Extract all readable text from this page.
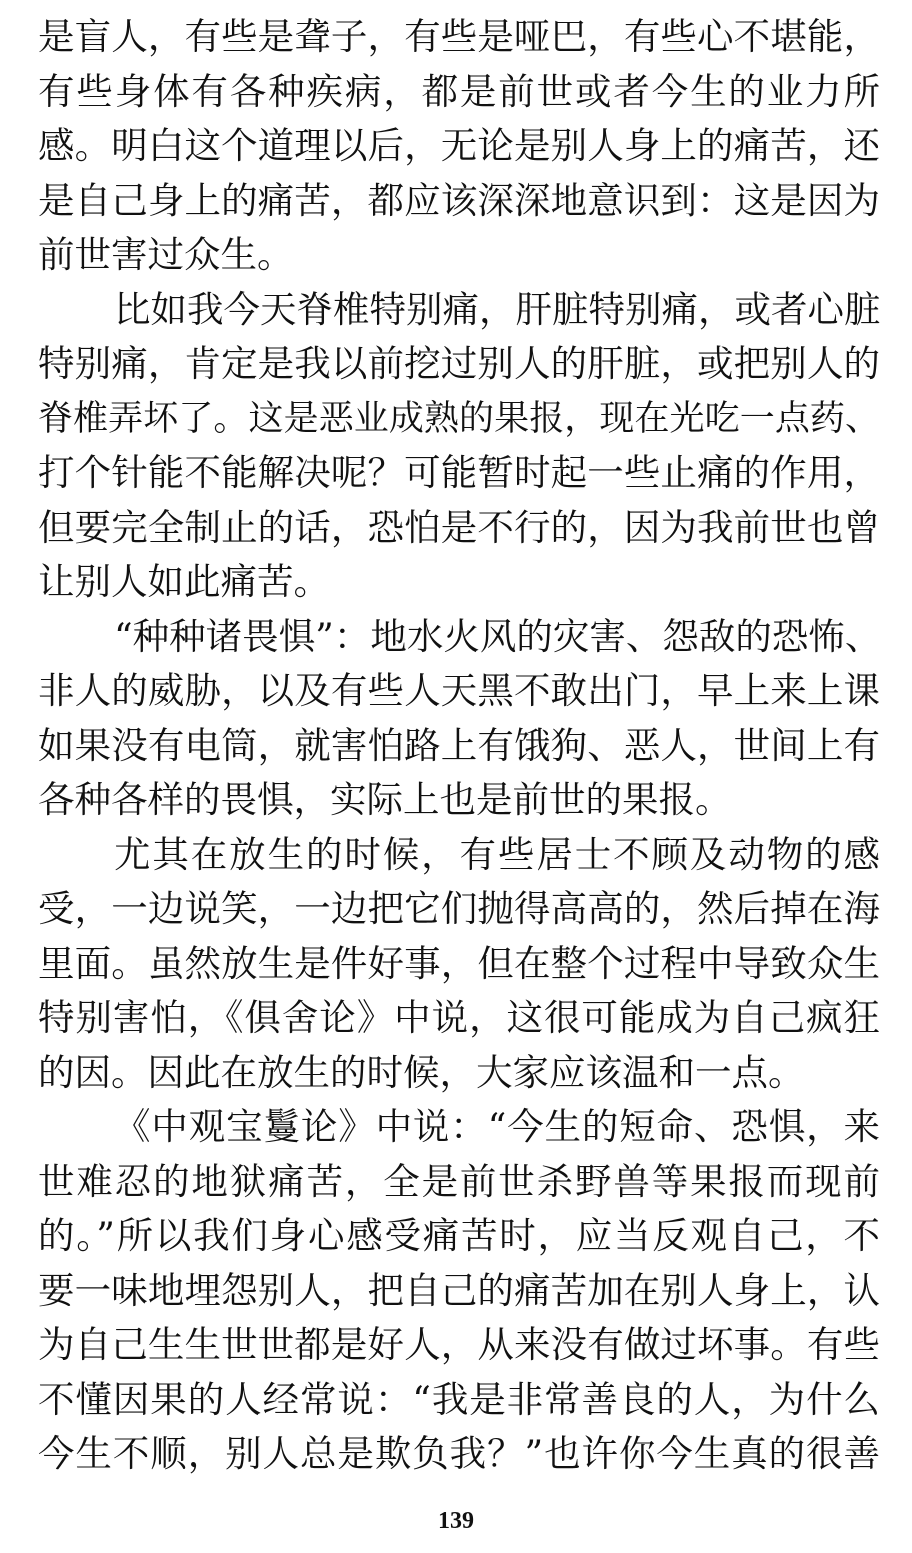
是盲人，有些是聋子，有些是哑巴，有些心不堪能，
有些身体有各种疾病，都是前世或者今生的业力所
感。明白这个道理以后，无论是别人身上的痛苦，还
是自己身上的痛苦，都应该深深地意识到：这是因为
前世害过众生。
比如我今天脊椎特别痛，肝脏特别痛，或者心脏
特别痛，肯定是我以前挖过别人的肝脏，或把别人的
脊椎弄坏了。这是恶业成熟的果报，现在光吃一点药、
打个针能不能解决呢？可能暂时起一些止痛的作用，
但要完全制止的话，恐怕是不行的，因为我前世也曾
让别人如此痛苦。
“种种诸畏惧”：地水火风的灾害、怨敌的恐怖、
非人的威胁，以及有些人天黑不敢出门，早上来上课
如果没有电筒，就害怕路上有饿狗、恶人，世间上有
各种各样的畏惧，实际上也是前世的果报。
尤其在放生的时候，有些居士不顾及动物的感
受，一边说笑，一边把它们抛得高高的，然后掉在海
里面。虽然放生是件好事，但在整个过程中导致众生
特别害怕，《俱舍论》中说，这很可能成为自己疯狂
的因。因此在放生的时候，大家应该温和一点。
《中观宝鬘论》中说：“今生的短命、恐惧，来
世难忍的地狱痛苦，全是前世杀野兽等果报而现前
的。”所以我们身心感受痛苦时，应当反观自己，不
要一味地埋怨别人，把自己的痛苦加在别人身上，认
为自己生生世世都是好人，从来没有做过坏事。有些
不懂因果的人经常说：“我是非常善良的人，为什么
今生不顺，别人总是欺负我？”也许你今生真的很善
139
